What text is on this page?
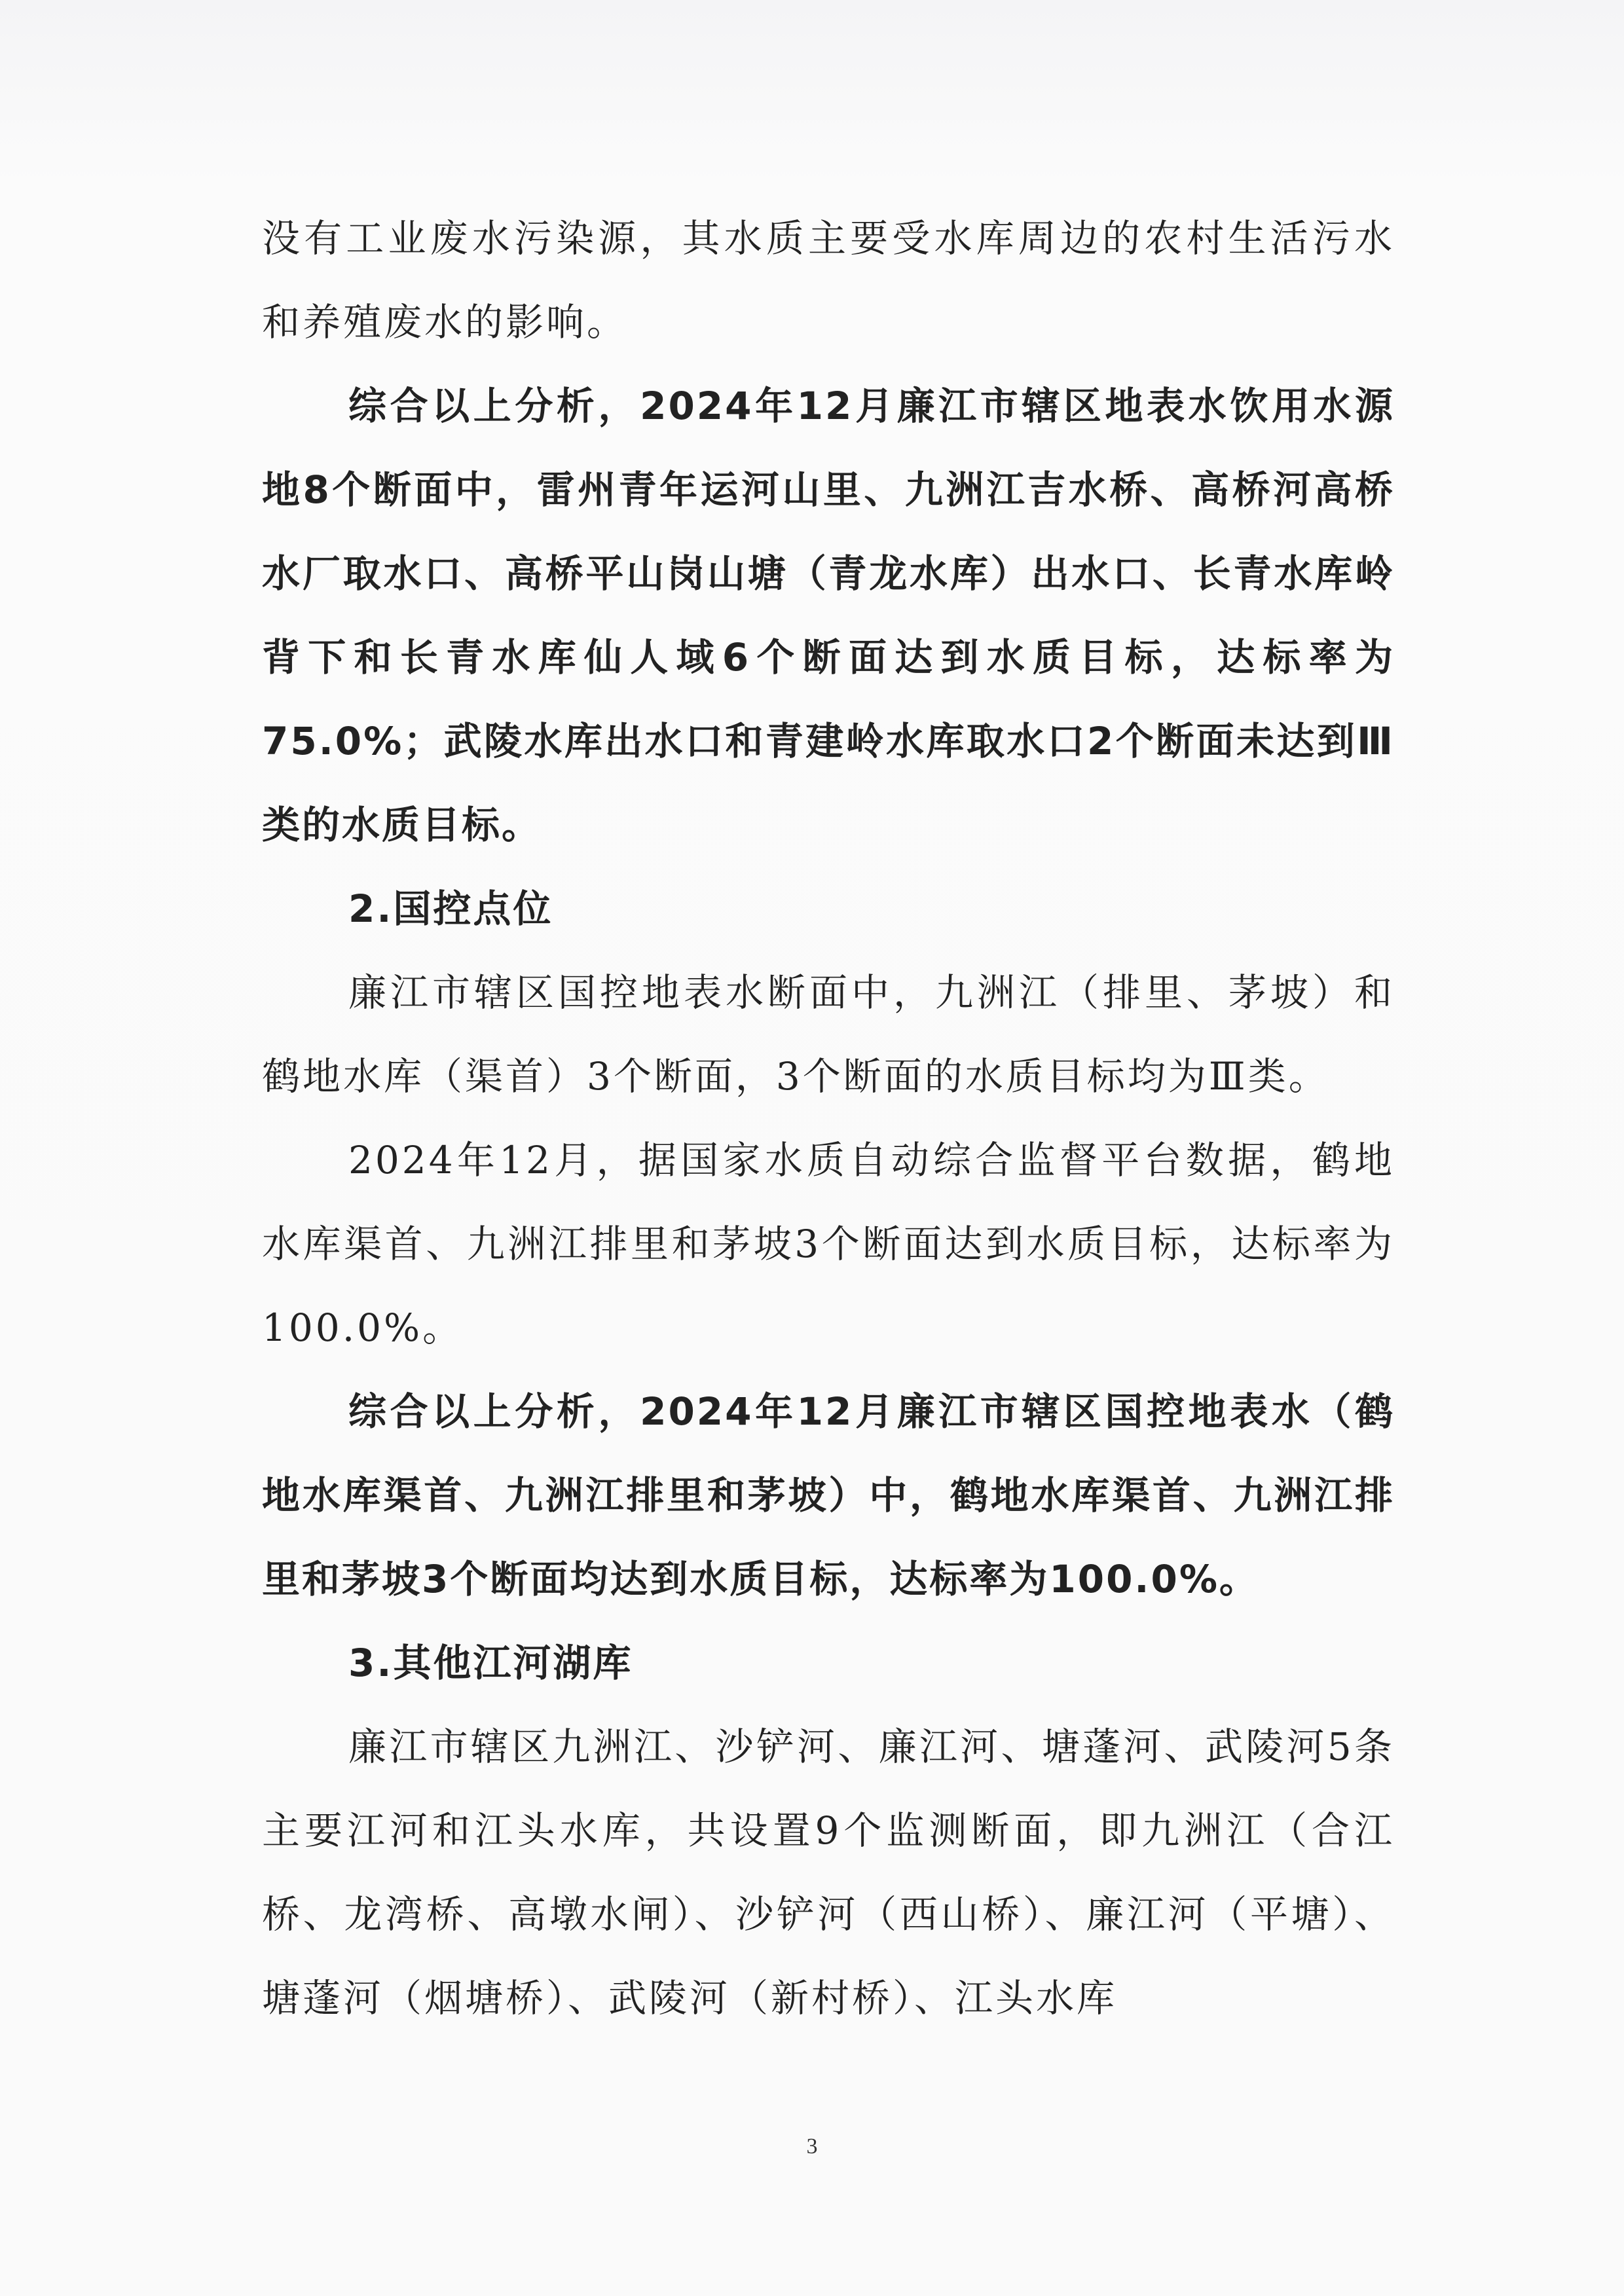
没有工业废水污染源，其水质主要受水库周边的农村生活污水和养殖废水的影响。

综合以上分析，2024年12月廉江市辖区地表水饮用水源地8个断面中，雷州青年运河山里、九洲江吉水桥、高桥河高桥水厂取水口、高桥平山岗山塘（青龙水库）出水口、长青水库岭背下和长青水库仙人域6个断面达到水质目标，达标率为75.0%；武陵水库出水口和青建岭水库取水口2个断面未达到Ⅲ类的水质目标。

2.国控点位

廉江市辖区国控地表水断面中，九洲江（排里、茅坡）和鹤地水库（渠首）3个断面，3个断面的水质目标均为Ⅲ类。

2024年12月，据国家水质自动综合监督平台数据，鹤地水库渠首、九洲江排里和茅坡3个断面达到水质目标，达标率为100.0%。

综合以上分析，2024年12月廉江市辖区国控地表水（鹤地水库渠首、九洲江排里和茅坡）中，鹤地水库渠首、九洲江排里和茅坡3个断面均达到水质目标，达标率为100.0%。

3.其他江河湖库

廉江市辖区九洲江、沙铲河、廉江河、塘蓬河、武陵河5条主要江河和江头水库，共设置9个监测断面，即九洲江（合江桥、龙湾桥、高墩水闸）、沙铲河（西山桥）、廉江河（平塘）、塘蓬河（烟塘桥）、武陵河（新村桥）、江头水库

3
